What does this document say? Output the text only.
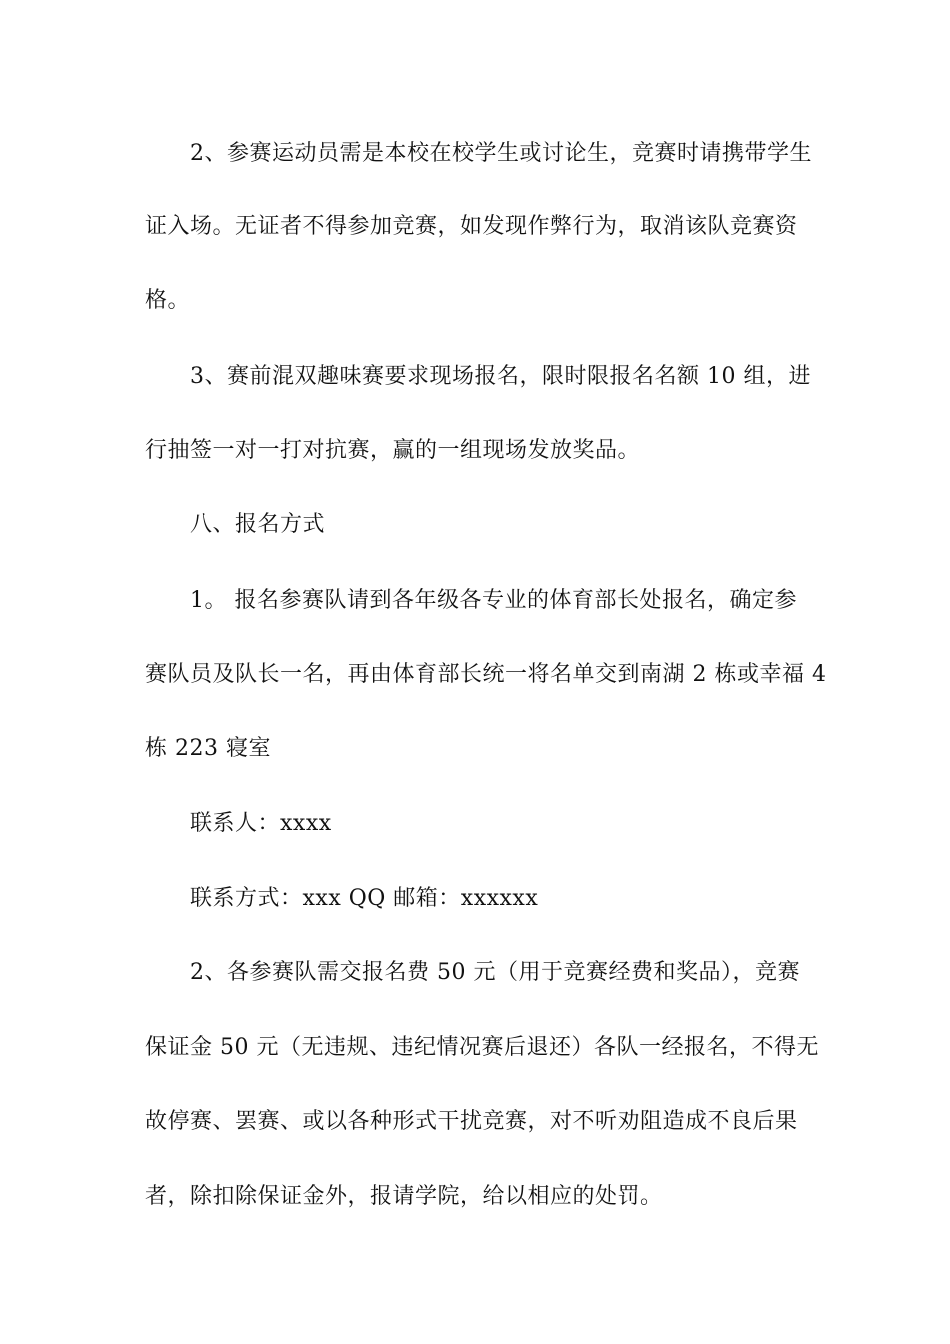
2、参赛运动员需是本校在校学生或讨论生，竞赛时请携带学生
证入场。无证者不得参加竞赛，如发现作弊行为，取消该队竞赛资
格。
3、赛前混双趣味赛要求现场报名，限时限报名名额 10 组，进
行抽签一对一打对抗赛，赢的一组现场发放奖品。
八、报名方式
1。 报名参赛队请到各年级各专业的体育部长处报名，确定参
赛队员及队长一名，再由体育部长统一将名单交到南湖 2 栋或幸福 4
栋 223 寝室
联系人：xxxx
联系方式：xxx QQ 邮箱：xxxxxx
2、各参赛队需交报名费 50 元（用于竞赛经费和奖品），竞赛
保证金 50 元（无违规、违纪情况赛后退还）各队一经报名，不得无
故停赛、罢赛、或以各种形式干扰竞赛，对不听劝阻造成不良后果
者，除扣除保证金外，报请学院，给以相应的处罚。
